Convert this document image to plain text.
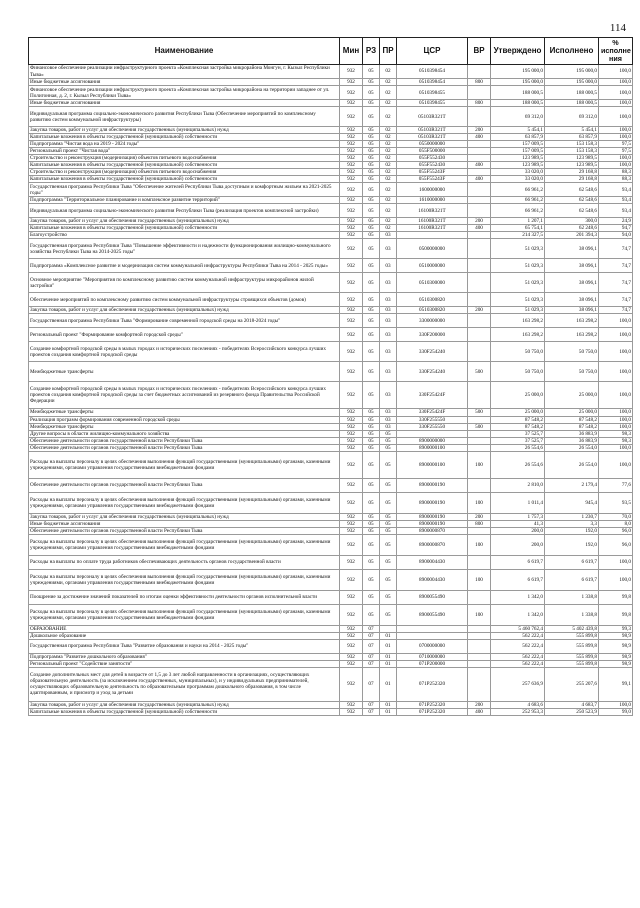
114
Наименование	Мин	РЗ	ПР	ЦСР	ВР	Утверждено	Исполнено	% исполне ния
Финансовое обеспечение реализации инфраструктурного проекта «Комплексная застройка микрорайона Монгун, г. Кызыл Республики Тыва»	932	05	02	0510398454		195 000,0	195 000,0	100,0
Иные бюджетные ассигнования	932	05	02	0510398454	800	195 000,0	195 000,0	100,0
Финансовое обеспечение реализации инфраструктурного проекта «Комплексная застройка микрорайона на территории западнее от ул. Полигонная, д. 2, г. Кызыл Республики Тыва»	932	05	02	0510398455		188 000,5	188 000,5	100,0
Иные бюджетные ассигнования	932	05	02	0510398455	800	188 000,5	188 000,5	100,0
Индивидуальная программа социально-экономического развития Республики Тыва (Обеспечение мероприятий по комплексному развитию систем коммунальной инфраструктуры)	932	05	02	05103R321T		69 312,0	69 312,0	100,0
Закупка товаров, работ и услуг для обеспечения государственных (муниципальных) нужд	932	05	02	05103R321T	200	5 454,1	5 454,1	100,0
Капитальные вложения в объекты государственной (муниципальной) собственности	932	05	02	05103R321T	400	63 857,9	63 857,9	100,0
Подпрограмма "Чистая вода на 2019 - 2024 годы"	932	05	02	0550000000		157 009,5	153 158,3	97,5
Региональный проект "Чистая вода"	932	05	02	055F500000		157 009,5	153 158,3	97,5
Строительство и реконструкция (модернизация) объектов питьевого водоснабжения	932	05	02	055F552430		123 989,5	123 989,5	100,0
Капитальные вложения в объекты государственной (муниципальной) собственности	932	05	02	055F552430	400	123 989,5	123 989,5	100,0
Строительство и реконструкция (модернизация) объектов питьевого водоснабжения	932	05	02	055F5524ЗF		33 020,0	29 168,8	88,3
Капитальные вложения в объекты государственной (муниципальной) собственности	932	05	02	055F5524ЗF	400	33 020,0	29 168,8	88,3
Государственная программа Республики Тыва "Обеспечение жителей Республики Тыва доступным и комфортным жильем на 2021-2025 годы"	932	05	02	1600000000		66 961,2	62 548,6	93,4
Подпрограмма "Территориальное планирование и комплексное развитие территорий"	932	05	02	1610000000		66 961,2	62 548,6	93,4
Индивидуальная программа социально-экономического развития Республики Тыва (реализация проектов комплексной застройки)	932	05	02	16100R321T		66 961,2	62 548,6	93,4
Закупка товаров, работ и услуг для обеспечения государственных (муниципальных) нужд	932	05	02	16100R321T	200	1 207,1	300,0	24,9
Капитальные вложения в объекты государственной (муниципальной) собственности	932	05	02	16100R321T	400	65 754,1	62 248,6	94,7
Благоустройство	932	05	03			214 327,5	201 394,3	94,0
Государственная программа Республики Тыва "Повышение эффективности и надежности функционирования жилищно-коммунального хозяйства Республики Тыва на 2014-2025 годы"	932	05	03	0500000000		51 029,3	38 096,1	74,7
Подпрограмма «Комплексное развитие и модернизация систем коммунальной инфраструктуры Республики Тыва на 2014 - 2025 годы»	932	05	03	0510000000		51 029,3	38 096,1	74,7
Основное мероприятие "Мероприятия по комплексному развитию систем коммунальной инфраструктуры микрорайонов жилой застройки"	932	05	03	0510300000		51 029,3	38 096,1	74,7
Обеспечение мероприятий по комплексному развитию систем коммунальной инфраструктуры строящихся объектов (домов)	932	05	03	0510300820		51 029,3	38 096,1	74,7
Закупка товаров, работ и услуг для обеспечения государственных (муниципальных) нужд	932	05	03	0510300820	200	51 029,3	38 096,1	74,7
Государственная программа Республики Тыва "Формирование современной городской среды на 2018-2024 годы"	932	05	03	3300000000		163 298,2	163 298,2	100,0
Региональный проект "Формирование комфортной городской среды"	932	05	03	330F200000		163 298,2	163 298,2	100,0
Создание комфортной городской среды в малых городах и исторических поселениях - победителях Всероссийского конкурса лучших проектов создания комфортной городской среды	932	05	03	330F254240		50 750,0	50 750,0	100,0
Межбюджетные трансферты	932	05	03	330F254240	500	50 750,0	50 750,0	100,0
Создание комфортной городской среды в малых городах и исторических поселениях - победителях Всероссийского конкурса лучших проектов создания комфортной городской среды за счет бюджетных ассигнований из резервного фонда Правительства Российской Федерации	932	05	03	330F25424F		25 000,0	25 000,0	100,0
Межбюджетные трансферты	932	05	03	330F25424F	500	25 000,0	25 000,0	100,0
Реализация программ формирования современной городской среды	932	05	03	330F255550		87 548,2	87 548,2	100,0
Межбюджетные трансферты	932	05	03	330F255550	500	87 548,2	87 548,2	100,0
Другие вопросы в области жилищно-коммунального хозяйства	932	05	05			37 525,7	36 883,9	98,3
Обеспечение деятельности органов государственной власти Республики Тыва	932	05	05	8900000000		37 525,7	36 883,9	98,3
Обеспечение деятельности органов государственной власти Республики Тыва	932	05	05	8900000100		26 554,6	26 554,0	100,0
Расходы на выплаты персоналу в целях обеспечения выполнения функций государственными (муниципальными) органами, казенными учреждениями, органами управления государственными внебюджетными фондами	932	05	05	8900000100	100	26 554,6	26 554,0	100,0
Обеспечение деятельности органов государственной власти Республики Тыва	932	05	05	8900000190		2 810,0	2 179,4	77,6
Расходы на выплаты персоналу в целях обеспечения выполнения функций государственными (муниципальными) органами, казенными учреждениями, органами управления государственными внебюджетными фондами	932	05	05	8900000190	100	1 011,4	945,4	93,5
Закупка товаров, работ и услуг для обеспечения государственных (муниципальных) нужд	932	05	05	8900000190	200	1 757,3	1 230,7	70,0
Иные бюджетные ассигнования	932	05	05	8900000190	800	41,3	3,3	8,0
Обеспечение деятельности органов государственной власти Республики Тыва	932	05	05	8900000870		200,0	192,0	96,0
Расходы на выплаты персоналу в целях обеспечения выполнения функций государственными (муниципальными) органами, казенными учреждениями, органами управления государственными внебюджетными фондами	932	05	05	8900000870	100	200,0	192,0	96,0
Расходы на выплаты по оплате труда работников обеспечивающих деятельность органов государственной власти	932	05	05	8900004430		6 619,7	6 619,7	100,0
Расходы на выплаты персоналу в целях обеспечения выполнения функций государственными (муниципальными) органами, казенными учреждениями, органами управления государственными внебюджетными фондами	932	05	05	8900004430	100	6 619,7	6 619,7	100,0
Поощрение за достижение значений показателей по итогам оценки эффективности деятельности органов исполнительной власти	932	05	05	8900055490		1 342,0	1 338,8	99,8
Расходы на выплаты персоналу в целях обеспечения выполнения функций государственными (муниципальными) органами, казенными учреждениями, органами управления государственными внебюджетными фондами	932	05	05	8900055490	100	1 342,0	1 338,8	99,8
ОБРАЗОВАНИЕ	932	07				5 460 762,4	5 402 439,8	99,3
Дошкольное образование	932	07	01			562 222,4	555 899,8	98,9
Государственная программа Республики Тыва "Развитие образования и науки на 2014 - 2025 годы"	932	07	01	0700000000		562 222,4	555 899,8	98,9
Подпрограмма "Развитие дошкольного образования"	932	07	01	0710000000		562 222,4	555 899,8	98,9
Региональный проект "Содействие занятости"	932	07	01	071P200000		562 222,4	555 899,8	98,9
Создание дополнительных мест для детей в возрасте от 1,5 до 3 лет любой направленности в организациях, осуществляющих образовательную деятельность (за исключением государственных, муниципальных), и у индивидуальных предпринимателей, осуществляющих образовательную деятельность по образовательным программам дошкольного образования, в том числе адаптированным, и присмотр и уход за детьми	932	07	01	071P252320		257 636,9	255 207,6	99,1
Закупка товаров, работ и услуг для обеспечения государственных (муниципальных) нужд	932	07	01	071P252320	200	4 683,6	4 683,7	100,0
Капитальные вложения в объекты государственной (муниципальной) собственности	932	07	01	071P252320	400	252 953,3	250 523,9	99,0
